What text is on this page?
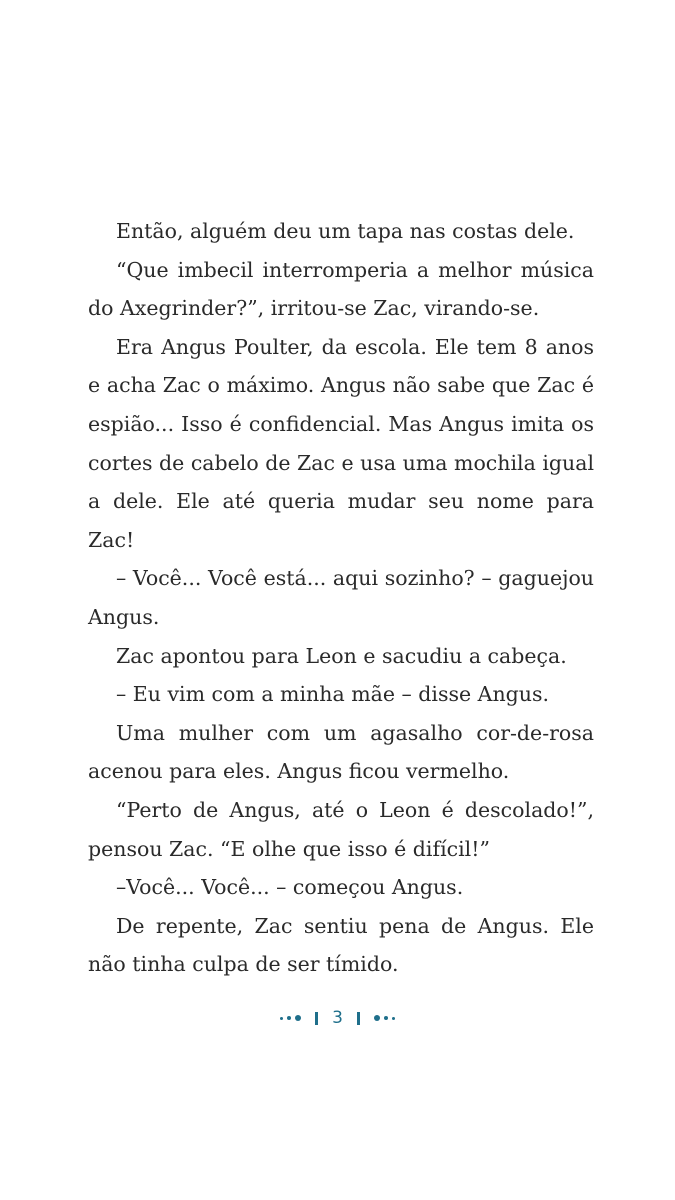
Então, alguém deu um tapa nas costas dele.

“Que imbecil interromperia a melhor música do Axegrinder?”, irritou-se Zac, virando-se.

Era Angus Poulter, da escola. Ele tem 8 anos e acha Zac o máximo. Angus não sabe que Zac é espião... Isso é confidencial. Mas Angus imita os cortes de cabelo de Zac e usa uma mochila igual a dele. Ele até queria mudar seu nome para Zac!

– Você... Você está... aqui sozinho? – gaguejou Angus.

Zac apontou para Leon e sacudiu a cabeça.

– Eu vim com a minha mãe – disse Angus.

Uma mulher com um agasalho cor-de-rosa acenou para eles. Angus ficou vermelho.

“Perto de Angus, até o Leon é descolado!”, pensou Zac. “E olhe que isso é difícil!”

–Você... Você... – começou Angus.

De repente, Zac sentiu pena de Angus. Ele não tinha culpa de ser tímido.

3
